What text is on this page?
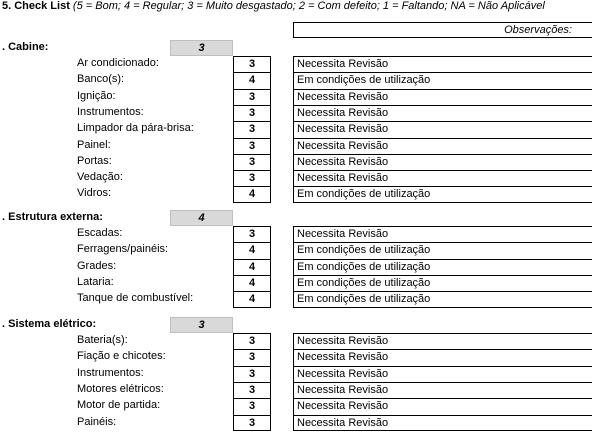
5. Check List (5 = Bom; 4 = Regular; 3 = Muito desgastado; 2 = Com defeito; 1 = Faltando; NA = Não Aplicável
Observações:
. Cabine:	3
Ar condicionado:	3	Necessita Revisão
Banco(s):	4	Em condições de utilização
Ignição:	3	Necessita Revisão
Instrumentos:	3	Necessita Revisão
Limpador da pára-brisa:	3	Necessita Revisão
Painel:	3	Necessita Revisão
Portas:	3	Necessita Revisão
Vedação:	3	Necessita Revisão
Vidros:	4	Em condições de utilização
. Estrutura externa:	4
Escadas:	3	Necessita Revisão
Ferragens/painéis:	4	Em condições de utilização
Grades:	4	Em condições de utilização
Lataria:	4	Em condições de utilização
Tanque de combustível:	4	Em condições de utilização
. Sistema elétrico:	3
Bateria(s):	3	Necessita Revisão
Fiação e chicotes:	3	Necessita Revisão
Instrumentos:	3	Necessita Revisão
Motores elétricos:	3	Necessita Revisão
Motor de partida:	3	Necessita Revisão
Painéis:	3	Necessita Revisão
